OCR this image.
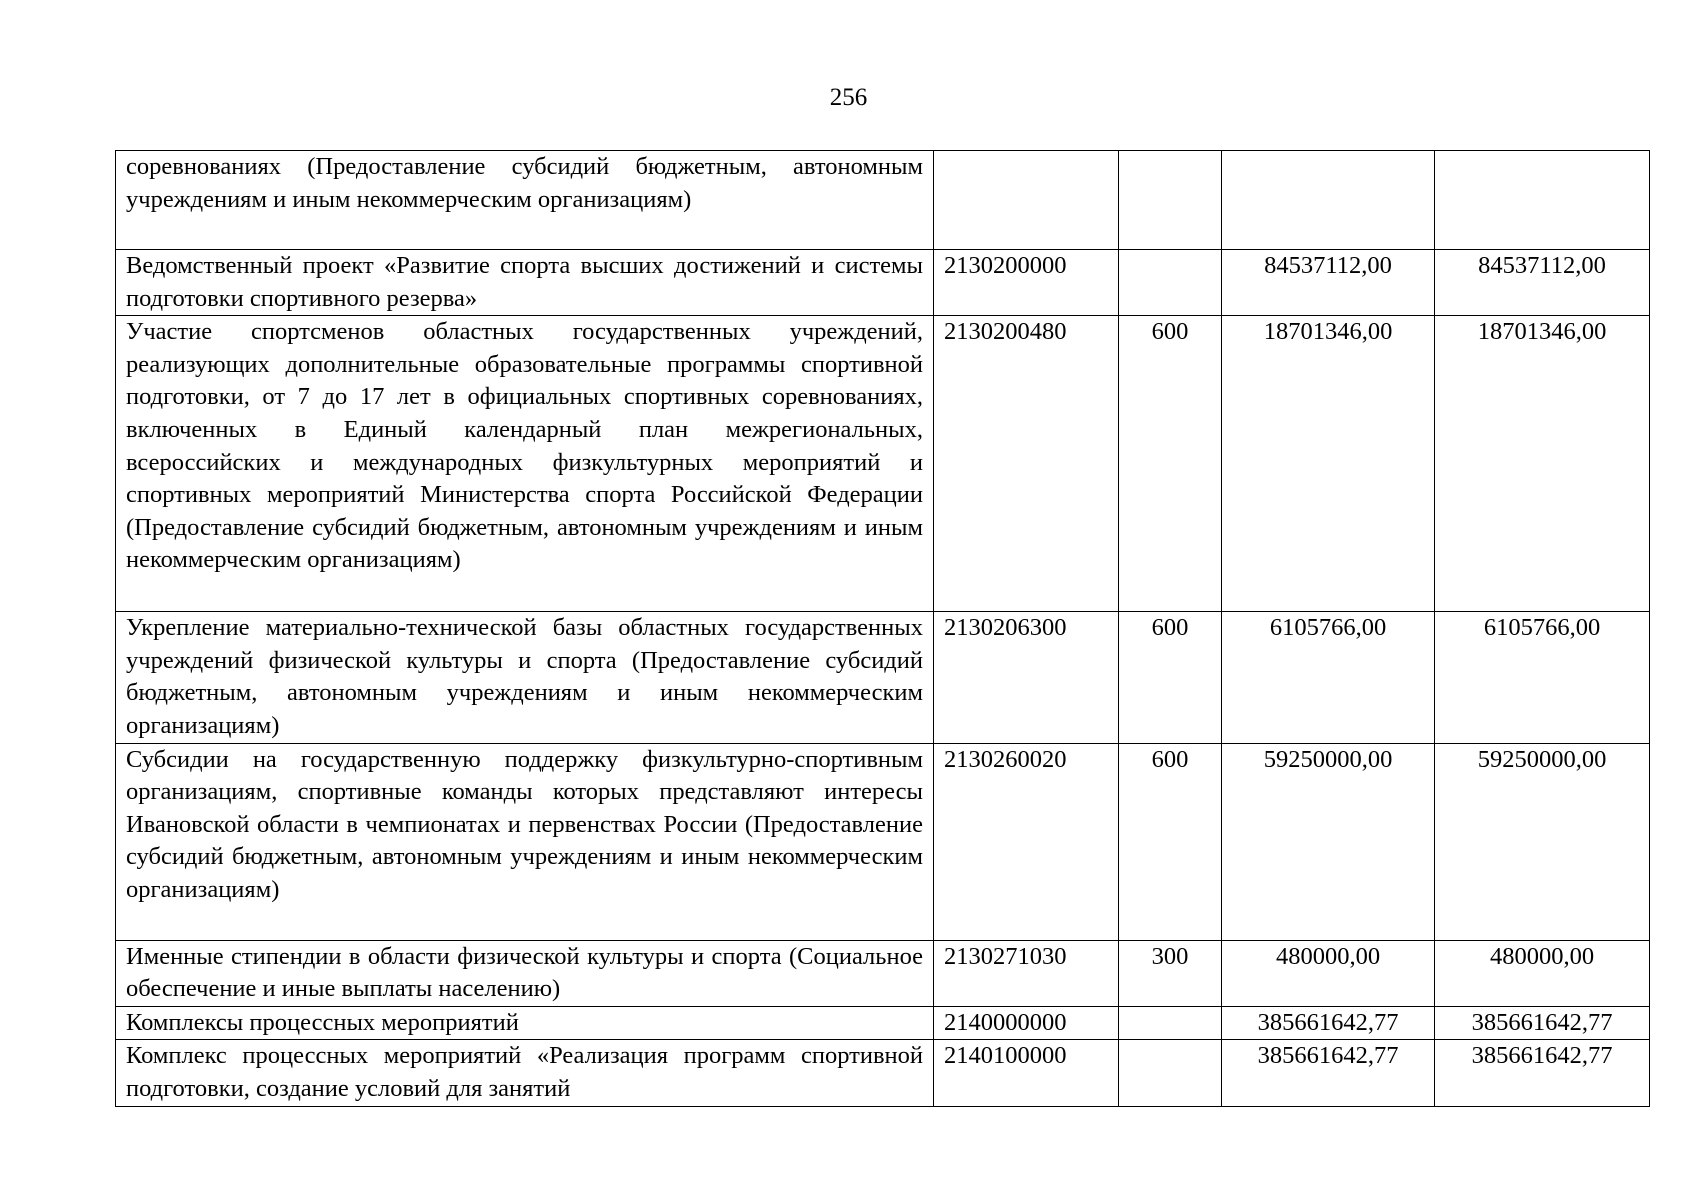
256
соревнованиях (Предоставление субсидий бюджетным, автономным учреждениям и иным некоммерческим организациям)				

Ведомственный проект «Развитие спорта высших достижений и системы подготовки спортивного резерва»	2130200000		84537112,00	84537112,00

Участие спортсменов областных государственных учреждений, реализующих дополнительные образовательные программы спортивной подготовки, от 7 до 17 лет в официальных спортивных соревнованиях, включенных в Единый календарный план межрегиональных, всероссийских и международных физкультурных мероприятий и спортивных мероприятий Министерства спорта Российской Федерации (Предоставление субсидий бюджетным, автономным учреждениям и иным некоммерческим организациям)	2130200480	600	18701346,00	18701346,00

Укрепление материально-технической базы областных государственных учреждений физической культуры и спорта (Предоставление субсидий бюджетным, автономным учреждениям и иным некоммерческим организациям)	2130206300	600	6105766,00	6105766,00

Субсидии на государственную поддержку физкультурно-спортивным организациям, спортивные команды которых представляют интересы Ивановской области в чемпионатах и первенствах России (Предоставление субсидий бюджетным, автономным учреждениям и иным некоммерческим организациям)	2130260020	600	59250000,00	59250000,00

Именные стипендии в области физической культуры и спорта (Социальное обеспечение и иные выплаты населению)	2130271030	300	480000,00	480000,00

Комплексы процессных мероприятий	2140000000		385661642,77	385661642,77

Комплекс процессных мероприятий «Реализация программ спортивной подготовки, создание условий для занятий	2140100000		385661642,77	385661642,77
